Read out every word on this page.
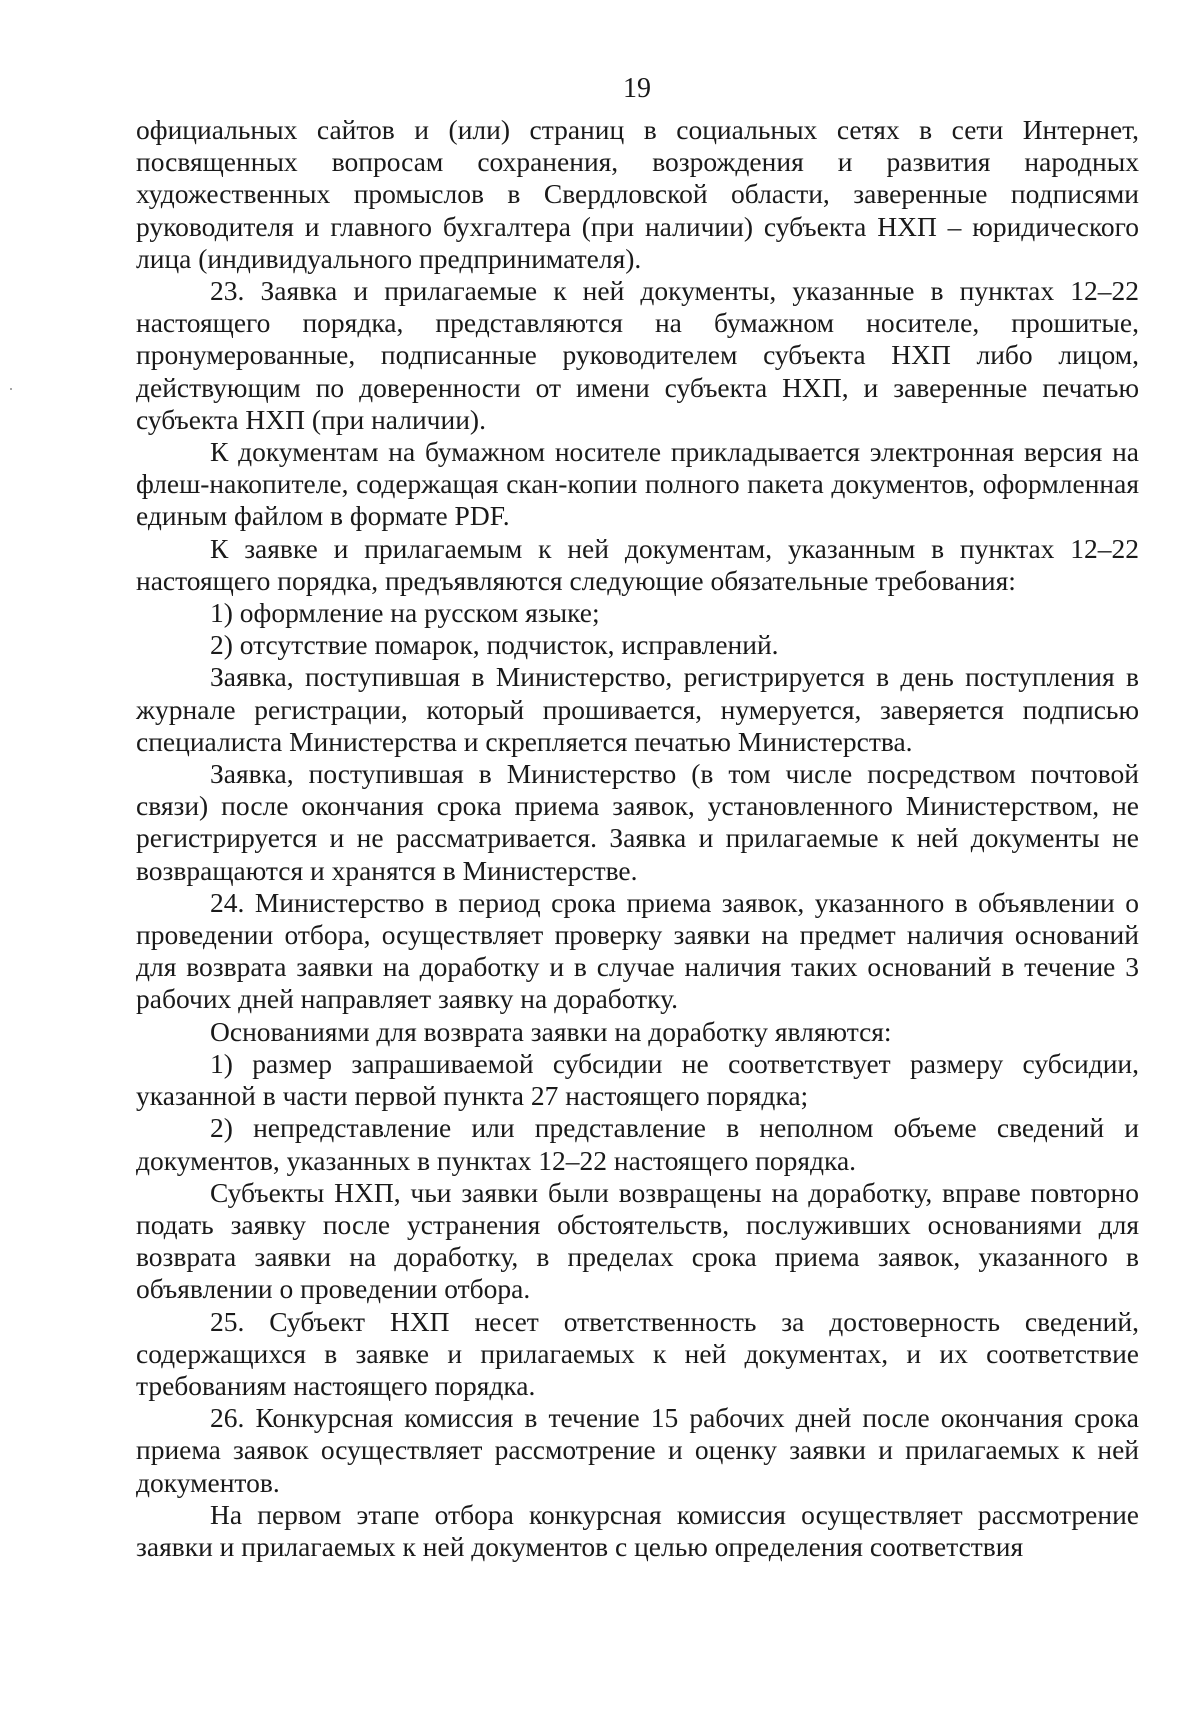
19

официальных сайтов и (или) страниц в социальных сетях в сети Интернет, посвященных вопросам сохранения, возрождения и развития народных художественных промыслов в Свердловской области, заверенные подписями руководителя и главного бухгалтера (при наличии) субъекта НХП – юридического лица (индивидуального предпринимателя).

23. Заявка и прилагаемые к ней документы, указанные в пунктах 12–22 настоящего порядка, представляются на бумажном носителе, прошитые, пронумерованные, подписанные руководителем субъекта НХП либо лицом, действующим по доверенности от имени субъекта НХП, и заверенные печатью субъекта НХП (при наличии).

К документам на бумажном носителе прикладывается электронная версия на флеш-накопителе, содержащая скан-копии полного пакета документов, оформленная единым файлом в формате PDF.

К заявке и прилагаемым к ней документам, указанным в пунктах 12–22 настоящего порядка, предъявляются следующие обязательные требования:

1) оформление на русском языке;

2) отсутствие помарок, подчисток, исправлений.

Заявка, поступившая в Министерство, регистрируется в день поступления в журнале регистрации, который прошивается, нумеруется, заверяется подписью специалиста Министерства и скрепляется печатью Министерства.

Заявка, поступившая в Министерство (в том числе посредством почтовой связи) после окончания срока приема заявок, установленного Министерством, не регистрируется и не рассматривается. Заявка и прилагаемые к ней документы не возвращаются и хранятся в Министерстве.

24. Министерство в период срока приема заявок, указанного в объявлении о проведении отбора, осуществляет проверку заявки на предмет наличия оснований для возврата заявки на доработку и в случае наличия таких оснований в течение 3 рабочих дней направляет заявку на доработку.

Основаниями для возврата заявки на доработку являются:

1) размер запрашиваемой субсидии не соответствует размеру субсидии, указанной в части первой пункта 27 настоящего порядка;

2) непредставление или представление в неполном объеме сведений и документов, указанных в пунктах 12–22 настоящего порядка.

Субъекты НХП, чьи заявки были возвращены на доработку, вправе повторно подать заявку после устранения обстоятельств, послуживших основаниями для возврата заявки на доработку, в пределах срока приема заявок, указанного в объявлении о проведении отбора.

25. Субъект НХП несет ответственность за достоверность сведений, содержащихся в заявке и прилагаемых к ней документах, и их соответствие требованиям настоящего порядка.

26. Конкурсная комиссия в течение 15 рабочих дней после окончания срока приема заявок осуществляет рассмотрение и оценку заявки и прилагаемых к ней документов.

На первом этапе отбора конкурсная комиссия осуществляет рассмотрение заявки и прилагаемых к ней документов с целью определения соответствия
